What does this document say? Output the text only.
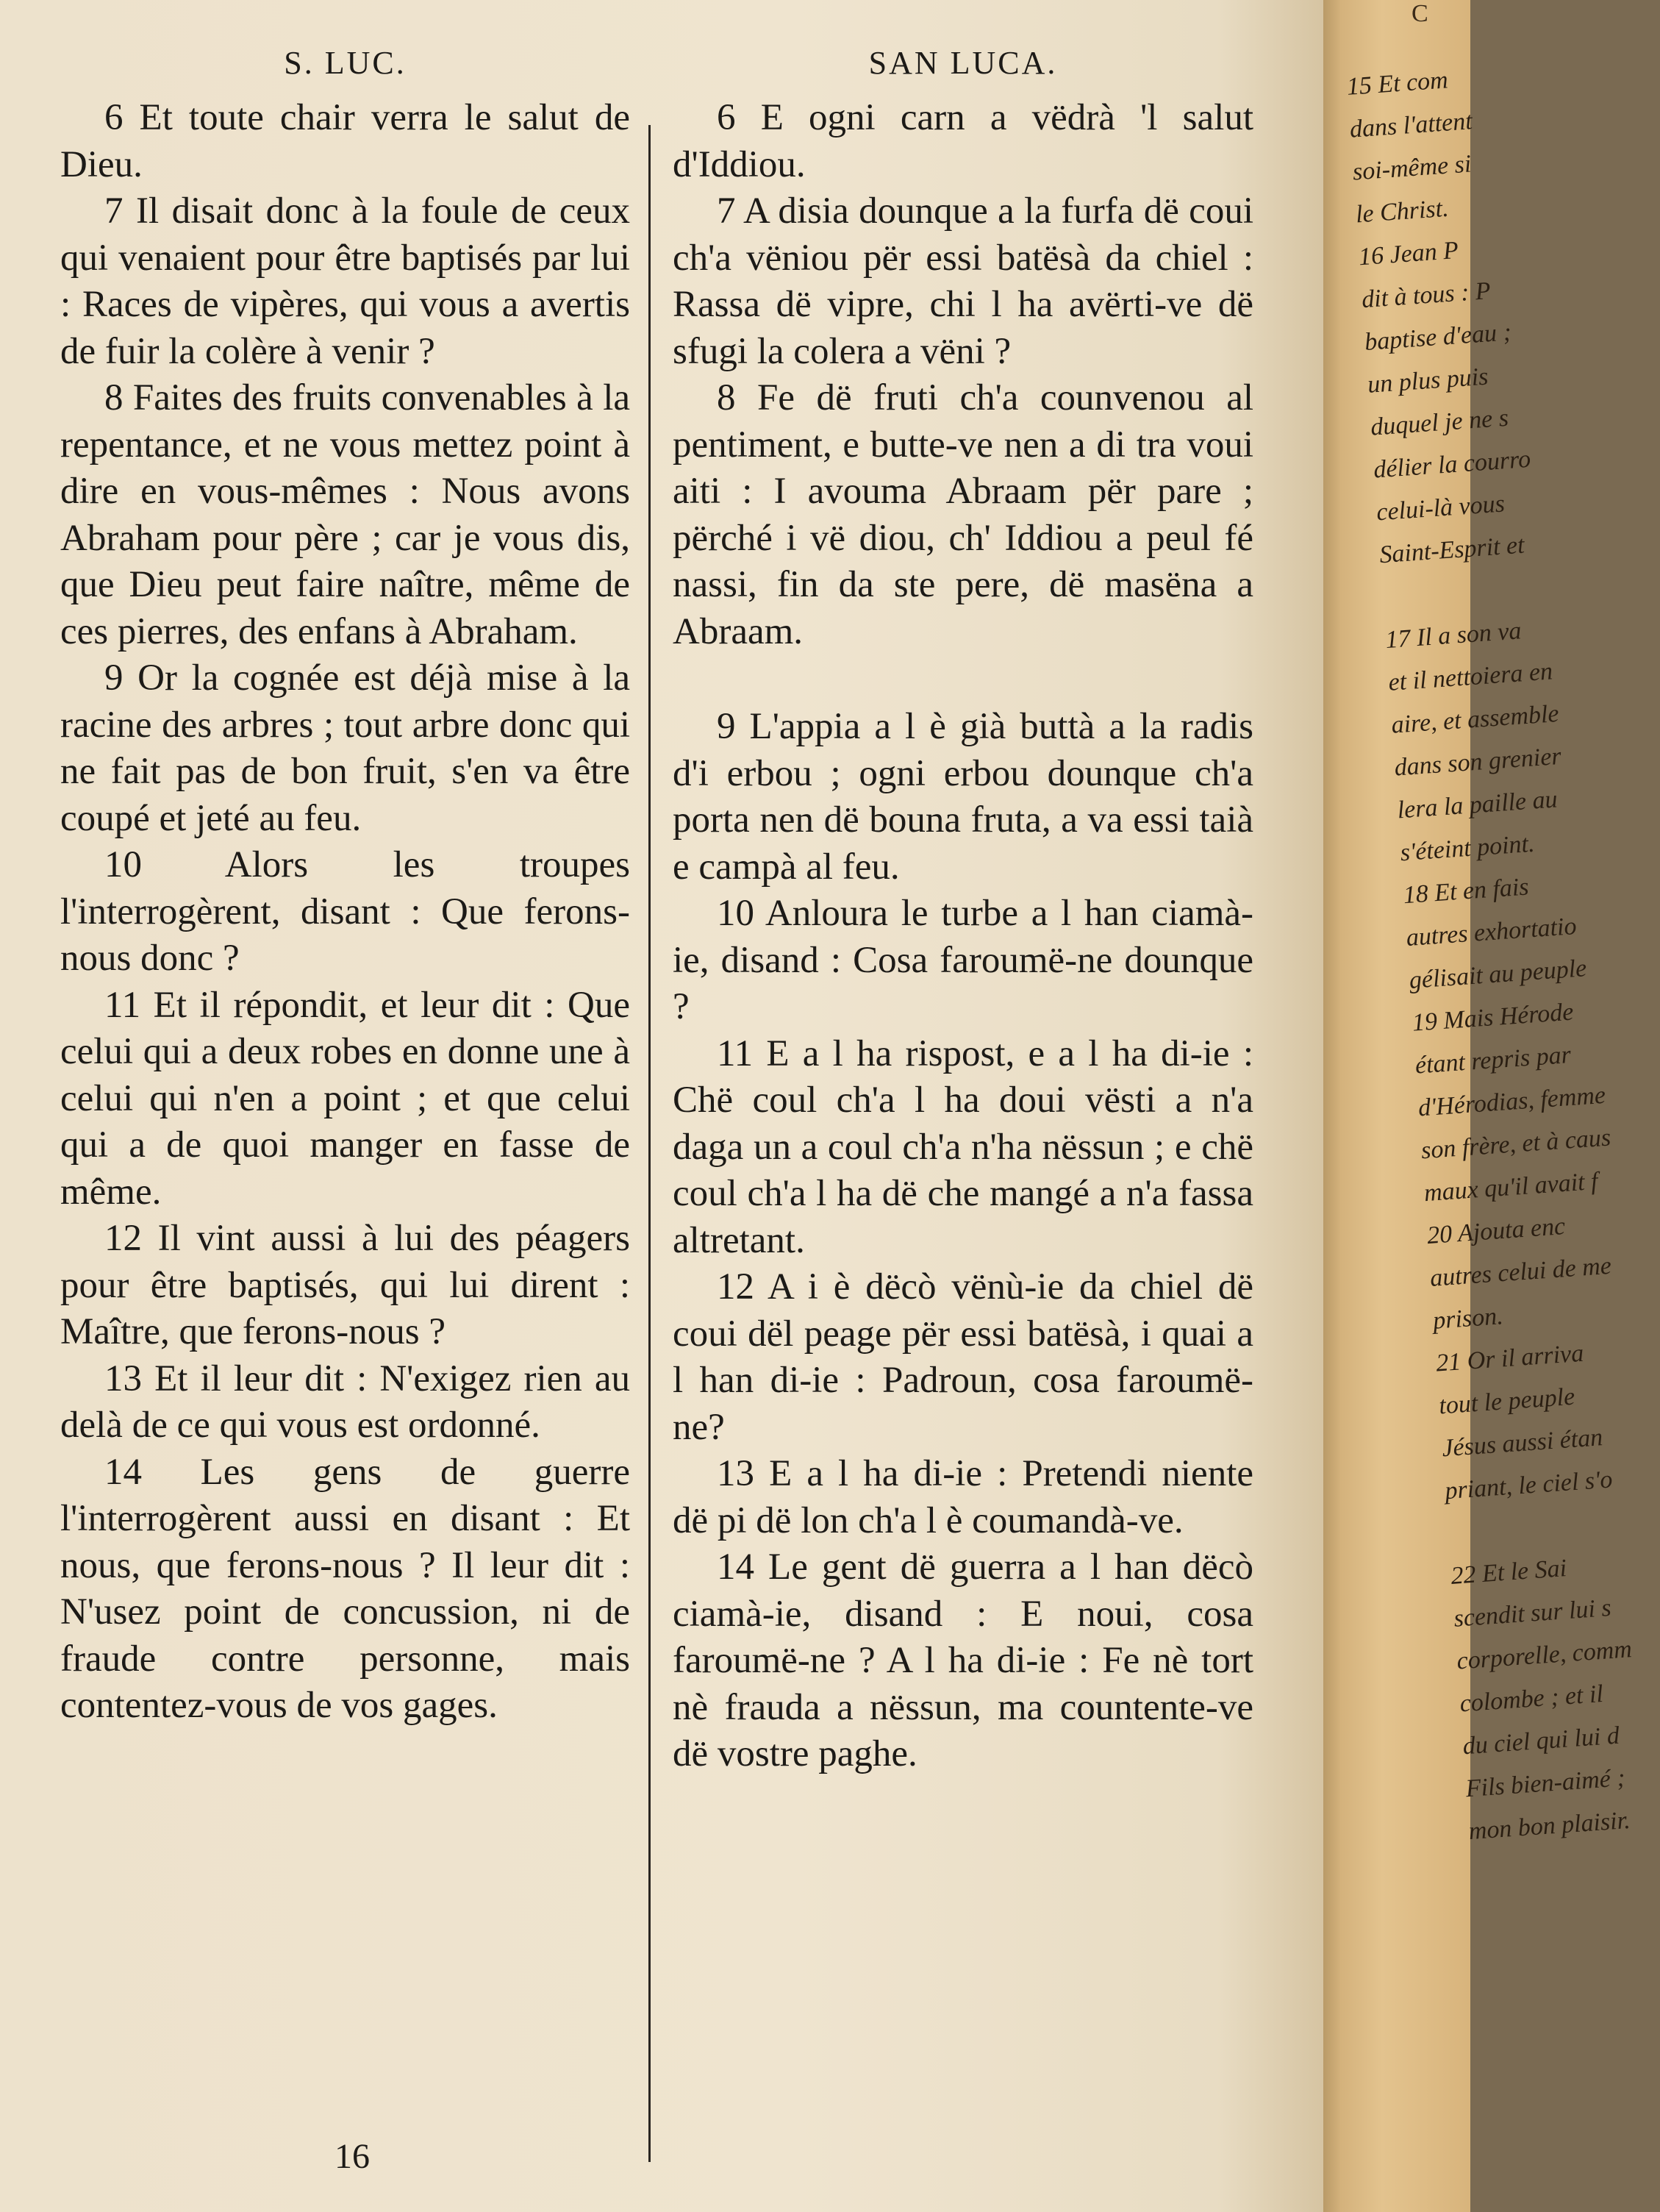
S. LUC.

6 Et toute chair verra le salut de Dieu.

7 Il disait donc à la foule de ceux qui venaient pour être baptisés par lui : Races de vipères, qui vous a avertis de fuir la colère à venir ?

8 Faites des fruits convenables à la repentance, et ne vous mettez point à dire en vous-mêmes : Nous avons Abraham pour père ; car je vous dis, que Dieu peut faire naître, même de ces pierres, des enfans à Abraham.

9 Or la cognée est déjà mise à la racine des arbres ; tout arbre donc qui ne fait pas de bon fruit, s'en va être coupé et jeté au feu.

10 Alors les troupes l'interrogèrent, disant : Que ferons-nous donc ?

11 Et il répondit, et leur dit : Que celui qui a deux robes en donne une à celui qui n'en a point ; et que celui qui a de quoi manger en fasse de même.

12 Il vint aussi à lui des péagers pour être baptisés, qui lui dirent : Maître, que ferons-nous ?

13 Et il leur dit : N'exigez rien au delà de ce qui vous est ordonné.

14 Les gens de guerre l'interrogèrent aussi en disant : Et nous, que ferons-nous ? Il leur dit : N'usez point de concussion, ni de fraude contre personne, mais contentez-vous de vos gages.

SAN LUCA.

6 E ogni carn a vëdrà 'l salut d'Iddiou.

7 A disia dounque a la furfa dë coui ch'a vëniou për essi batësà da chiel : Rassa dë vipre, chi l ha avërti-ve dë sfugi la colera a vëni ?

8 Fe dë fruti ch'a counvenou al pentiment, e butte-ve nen a di tra voui aiti : I avouma Abraam për pare ; përché i vë diou, ch' Iddiou a peul fé nassi, fin da ste pere, dë masëna a Abraam.

9 L'appia a l è già buttà a la radis d'i erbou ; ogni erbou dounque ch'a porta nen dë bouna fruta, a va essi taià e campà al feu.

10 Anloura le turbe a l han ciamà-ie, disand : Cosa faroumë-ne dounque ?

11 E a l ha rispost, e a l ha di-ie : Chë coul ch'a l ha doui vësti a n'a daga un a coul ch'a n'ha nëssun ; e chë coul ch'a l ha dë che mangé a n'a fassa altretant.

12 A i è dëcò vënù-ie da chiel dë coui dël peage për essi batësà, i quai a l han di-ie : Padroun, cosa faroumë-ne?

13 E a l ha di-ie : Pretendi niente dë pi dë lon ch'a l è coumandà-ve.

14 Le gent dë guerra a l han dëcò ciamà-ie, disand : E noui, cosa faroumë-ne ? A l ha di-ie : Fe nè tort nè frauda a nëssun, ma countente-ve dë vostre paghe.

16
15 Et com
dans l'attent
soi-même si
le Christ.
16 Jean P
dit à tous : P
baptise d'eau ;
un plus puis
duquel je ne s
délier la courro
celui-là vous
Saint-Esprit et

17 Il a son va
et il nettoiera en
aire, et assemble
dans son grenier
lera la paille au
s'éteint point.
18 Et en fais
autres exhortatio
gélisait au peuple
19 Mais Hérode
étant repris par
d'Hérodias, femme
son frère, et à caus
maux qu'il avait f
20 Ajouta enc
autres celui de me
prison.
21 Or il arriva
tout le peuple
Jésus aussi étan
priant, le ciel s'o

22 Et le Sai
scendit sur lui s
corporelle, comm
colombe ; et il
du ciel qui lui d
Fils bien-aimé ;
mon bon plaisir.
C
